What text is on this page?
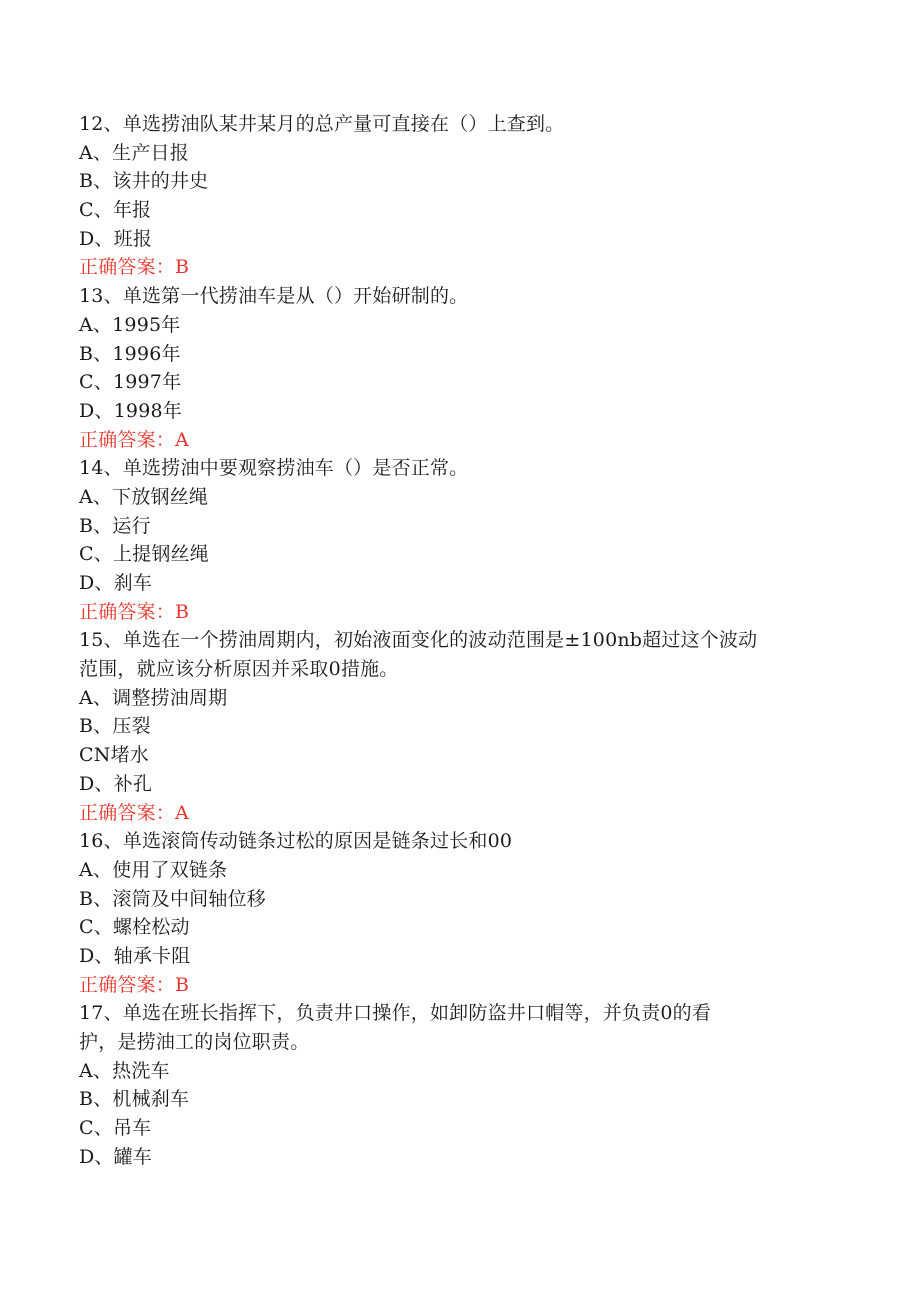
12、单选捞油队某井某月的总产量可直接在（）上查到。
A、生产日报
B、该井的井史
C、年报
D、班报
正确答案：B
13、单选第一代捞油车是从（）开始研制的。
A、1995年
B、1996年
C、1997年
D、1998年
正确答案：A
14、单选捞油中要观察捞油车（）是否正常。
A、下放钢丝绳
B、运行
C、上提钢丝绳
D、刹车
正确答案：B
15、单选在一个捞油周期内，初始液面变化的波动范围是±100nb超过这个波动
范围，就应该分析原因并采取0措施。
A、调整捞油周期
B、压裂
CN堵水
D、补孔
正确答案：A
16、单选滚筒传动链条过松的原因是链条过长和00
A、使用了双链条
B、滚筒及中间轴位移
C、螺栓松动
D、轴承卡阻
正确答案：B
17、单选在班长指挥下，负责井口操作，如卸防盗井口帽等，并负责0的看
护，是捞油工的岗位职责。
A、热洗车
B、机械刹车
C、吊车
D、罐车
